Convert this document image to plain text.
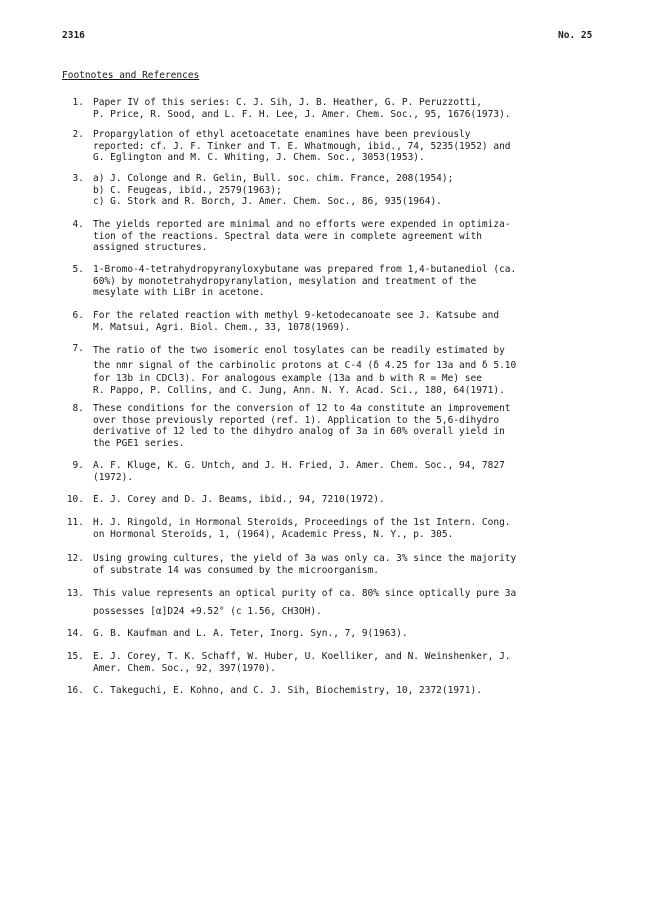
2316	No. 25
Footnotes and References
1. Paper IV of this series: C. J. Sih, J. B. Heather, G. P. Peruzzotti,
P. Price, R. Sood, and L. F. H. Lee, J. Amer. Chem. Soc., 95, 1676(1973).
2. Propargylation of ethyl acetoacetate enamines have been previously
reported: cf. J. F. Tinker and T. E. Whatmough, ibid., 74, 5235(1952) and
G. Eglington and M. C. Whiting, J. Chem. Soc., 3053(1953).
3. a) J. Colonge and R. Gelin, Bull. soc. chim. France, 208(1954);
b) C. Feugeas, ibid., 2579(1963);
c) G. Stork and R. Borch, J. Amer. Chem. Soc., 86, 935(1964).
4. The yields reported are minimal and no efforts were expended in optimiza-
tion of the reactions. Spectral data were in complete agreement with
assigned structures.
5. 1-Bromo-4-tetrahydropyranyloxybutane was prepared from 1,4-butanediol (ca.
60%) by monotetrahydropyranylation, mesylation and treatment of the
mesylate with LiBr in acetone.
6. For the related reaction with methyl 9-ketodecanoate see J. Katsube and
M. Matsui, Agri. Biol. Chem., 33, 1078(1969).
7. The ratio of the two isomeric enol tosylates can be readily estimated by
the nmr signal of the carbinolic protons at C-4 (δ 4.25 for 13a and δ 5.10
for 13b in CDCl3). For analogous example (13a and b with R = Me) see
R. Pappo, P. Collins, and C. Jung, Ann. N. Y. Acad. Sci., 180, 64(1971).
8. These conditions for the conversion of 12 to 4a constitute an improvement
over those previously reported (ref. 1). Application to the 5,6-dihydro
derivative of 12 led to the dihydro analog of 3a in 60% overall yield in
the PGE1 series.
9. A. F. Kluge, K. G. Untch, and J. H. Fried, J. Amer. Chem. Soc., 94, 7827
(1972).
10. E. J. Corey and D. J. Beams, ibid., 94, 7210(1972).
11. H. J. Ringold, in Hormonal Steroids, Proceedings of the 1st Intern. Cong.
on Hormonal Steroids, 1, (1964), Academic Press, N. Y., p. 305.
12. Using growing cultures, the yield of 3a was only ca. 3% since the majority
of substrate 14 was consumed by the microorganism.
13. This value represents an optical purity of ca. 80% since optically pure 3a
possesses [α]D24 +9.52° (c 1.56, CH3OH).
14. G. B. Kaufman and L. A. Teter, Inorg. Syn., 7, 9(1963).
15. E. J. Corey, T. K. Schaff, W. Huber, U. Koelliker, and N. Weinshenker, J.
Amer. Chem. Soc., 92, 397(1970).
16. C. Takeguchi, E. Kohno, and C. J. Sih, Biochemistry, 10, 2372(1971).
